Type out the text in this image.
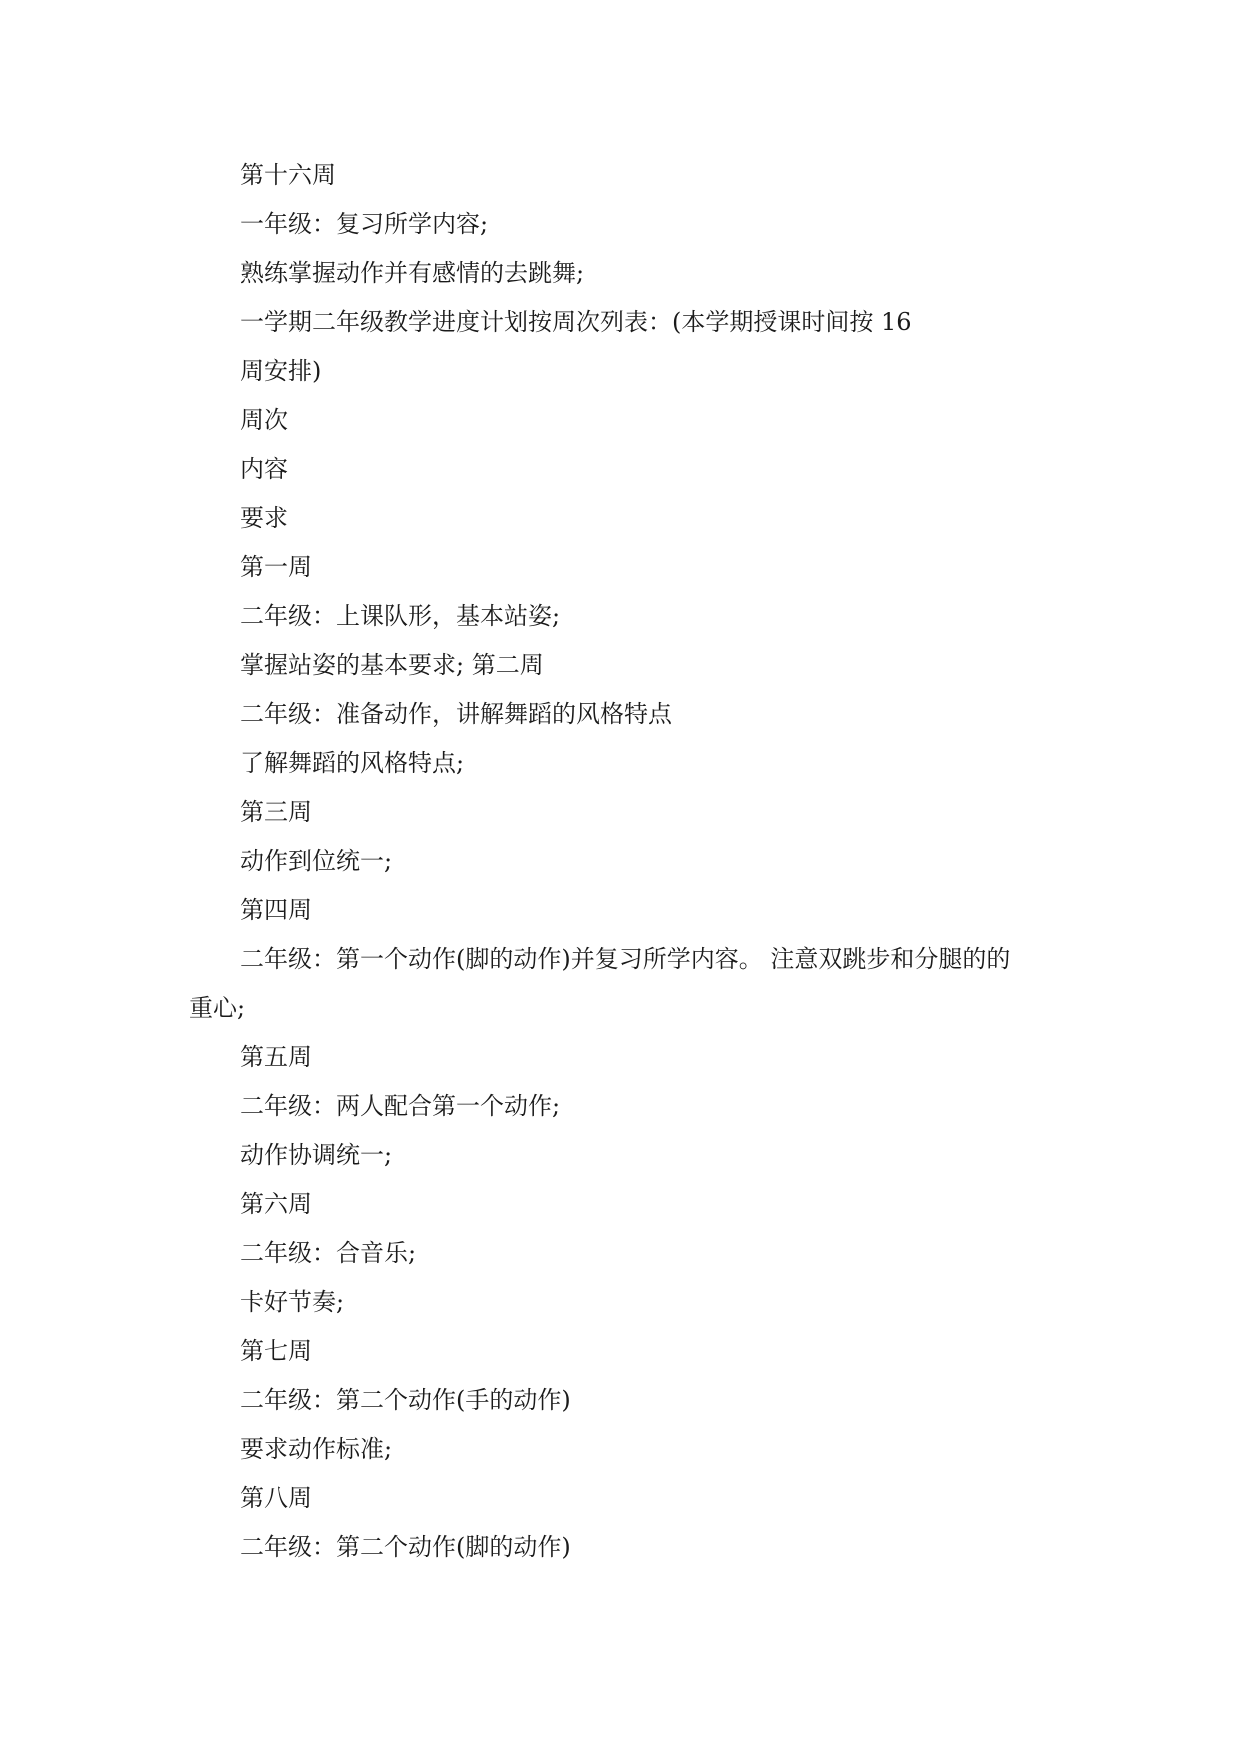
第十六周

一年级：复习所学内容;

熟练掌握动作并有感情的去跳舞;

一学期二年级教学进度计划按周次列表：(本学期授课时间按 16

周安排)

周次

内容

要求

第一周

二年级：上课队形，基本站姿;

掌握站姿的基本要求; 第二周

二年级：准备动作，讲解舞蹈的风格特点

了解舞蹈的风格特点;

第三周

动作到位统一;

第四周

二年级：第一个动作(脚的动作)并复习所学内容。 注意双跳步和分腿的的

重心;

第五周

二年级：两人配合第一个动作;

动作协调统一;

第六周

二年级：合音乐;

卡好节奏;

第七周

二年级：第二个动作(手的动作)

要求动作标准;

第八周

二年级：第二个动作(脚的动作)
